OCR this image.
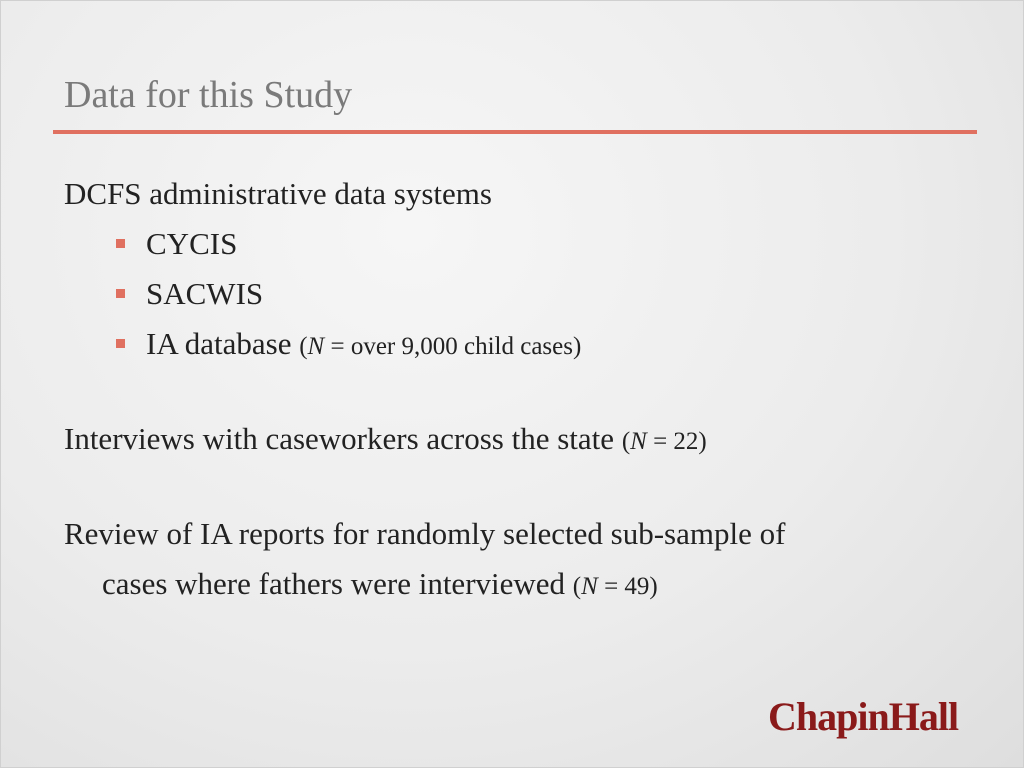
Data for this Study
DCFS administrative data systems
CYCIS
SACWIS
IA database (N = over 9,000 child cases)
Interviews with caseworkers across the state (N = 22)
Review of IA reports for randomly selected sub-sample of
cases where fathers were interviewed (N = 49)
ChapinHall
